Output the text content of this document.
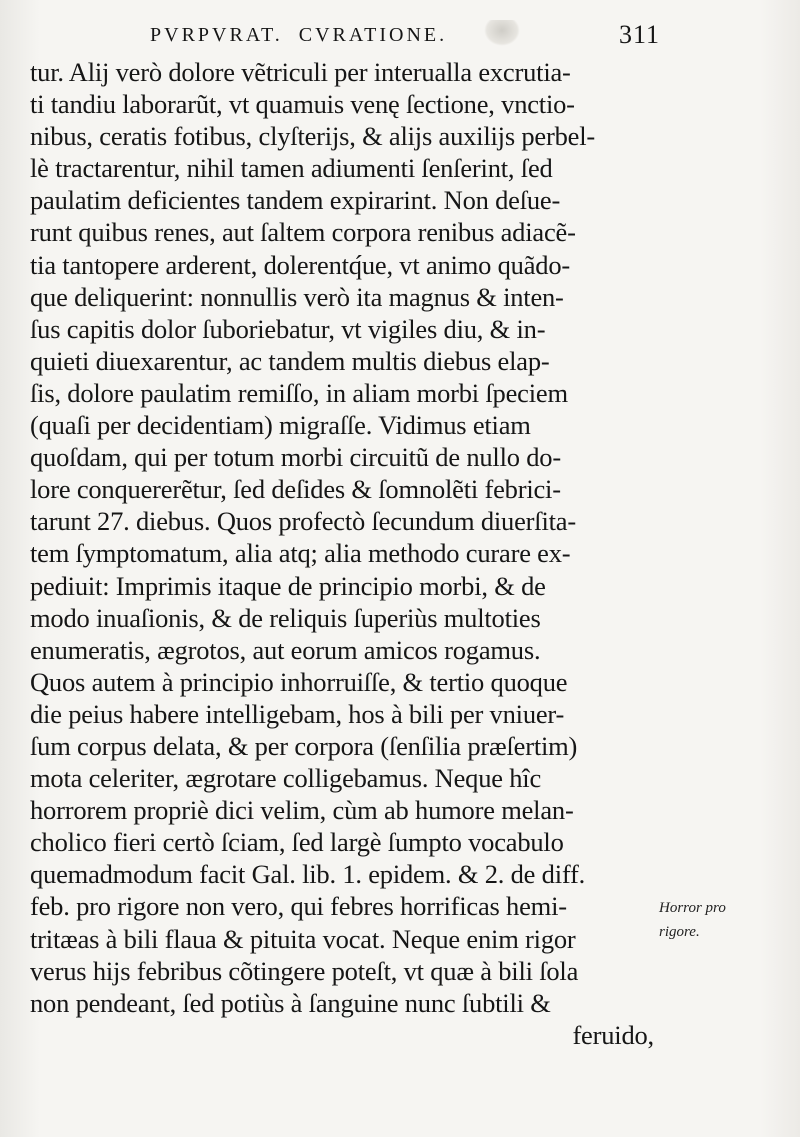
PVRPVRAT. CVRATIONE.	311
tur. Alij verò dolore vẽtriculi per interualla excrutia-
ti tandiu laborarũt, vt quamuis venę ſectione, vnctio-
nibus, ceratis fotibus, clyſterijs, & alijs auxilijs perbel-
lè tractarentur, nihil tamen adiumenti ſenſerint, ſed
paulatim deficientes tandem expirarint. Non deſue-
runt quibus renes, aut ſaltem corpora renibus adiacẽ-
tia tantopere arderent, dolerentq́ue, vt animo quãdo-
que deliquerint: nonnullis verò ita magnus & inten-
ſus capitis dolor ſuboriebatur, vt vigiles diu, & in-
quieti diuexarentur, ac tandem multis diebus elap-
ſis, dolore paulatim remiſſo, in aliam morbi ſpeciem
(quaſi per decidentiam) migraſſe. Vidimus etiam
quoſdam, qui per totum morbi circuitũ de nullo do-
lore conquererẽtur, ſed deſides & ſomnolẽti febrici-
tarunt 27. diebus. Quos profectò ſecundum diuerſita-
tem ſymptomatum, alia atq; alia methodo curare ex-
pediuit: Imprimis itaque de principio morbi, & de
modo inuaſionis, & de reliquis ſuperiùs multoties
enumeratis, ægrotos, aut eorum amicos rogamus.
Quos autem à principio inhorruiſſe, & tertio quoque
die peius habere intelligebam, hos à bili per vniuer-
ſum corpus delata, & per corpora (ſenſilia præſertim)
mota celeriter, ægrotare colligebamus. Neque hîc
horrorem propriè dici velim, cùm ab humore melan-
cholico fieri certò ſciam, ſed largè ſumpto vocabulo
quemadmodum facit Gal. lib. 1. epidem. & 2. de diff.
feb. pro rigore non vero, qui febres horrificas hemi-
tritæas à bili flaua & pituita vocat. Neque enim rigor
verus hijs febribus cõtingere poteſt, vt quæ à bili ſola
non pendeant, ſed potiùs à ſanguine nunc ſubtili &
feruido,
Horror pro
rigore.
